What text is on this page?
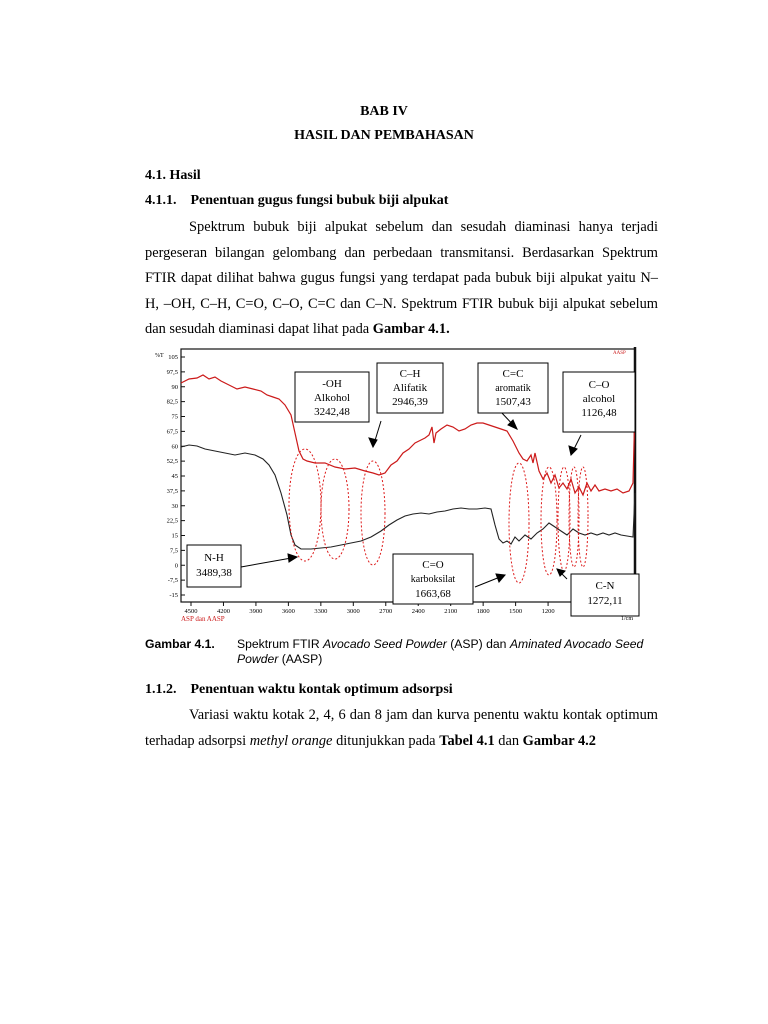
BAB IV
HASIL DAN PEMBAHASAN
4.1. Hasil
4.1.1. Penentuan gugus fungsi bubuk biji alpukat
Spektrum bubuk biji alpukat sebelum dan sesudah diaminasi hanya terjadi pergeseran bilangan gelombang dan perbedaan transmitansi. Berdasarkan Spektrum FTIR dapat dilihat bahwa gugus fungsi yang terdapat pada bubuk biji alpukat yaitu N–H, –OH, C–H, C=O, C–O, C=C dan C–N. Spektrum FTIR bubuk biji alpukat sebelum dan sesudah diaminasi dapat lihat pada Gambar 4.1.
%T	AASP
1/cm
ASP dan AASP
105
97,5
90
82,5
75
67,5
60
52,5
45
37,5
30
22,5
15
7,5
0
-7,5
-15
4500	4200	3900	3600	3300	3000	2700	2400	2100	1800	1500	1200
-OH
Alkohol
3242,48
C–H
Alifatik
2946,39
C=C
aromatik
1507,43
C–O
alcohol
1126,48
N-H
3489,38
C=O
karboksilat
1663,68
C-N
1272,11
Gambar 4.1. Spektrum FTIR Avocado Seed Powder (ASP) dan Aminated Avocado Seed Powder (AASP)
1.1.2. Penentuan waktu kontak optimum adsorpsi
Variasi waktu kotak 2, 4, 6 dan 8 jam dan kurva penentu waktu kontak optimum terhadap adsorpsi methyl orange ditunjukkan pada Tabel 4.1 dan Gambar 4.2
